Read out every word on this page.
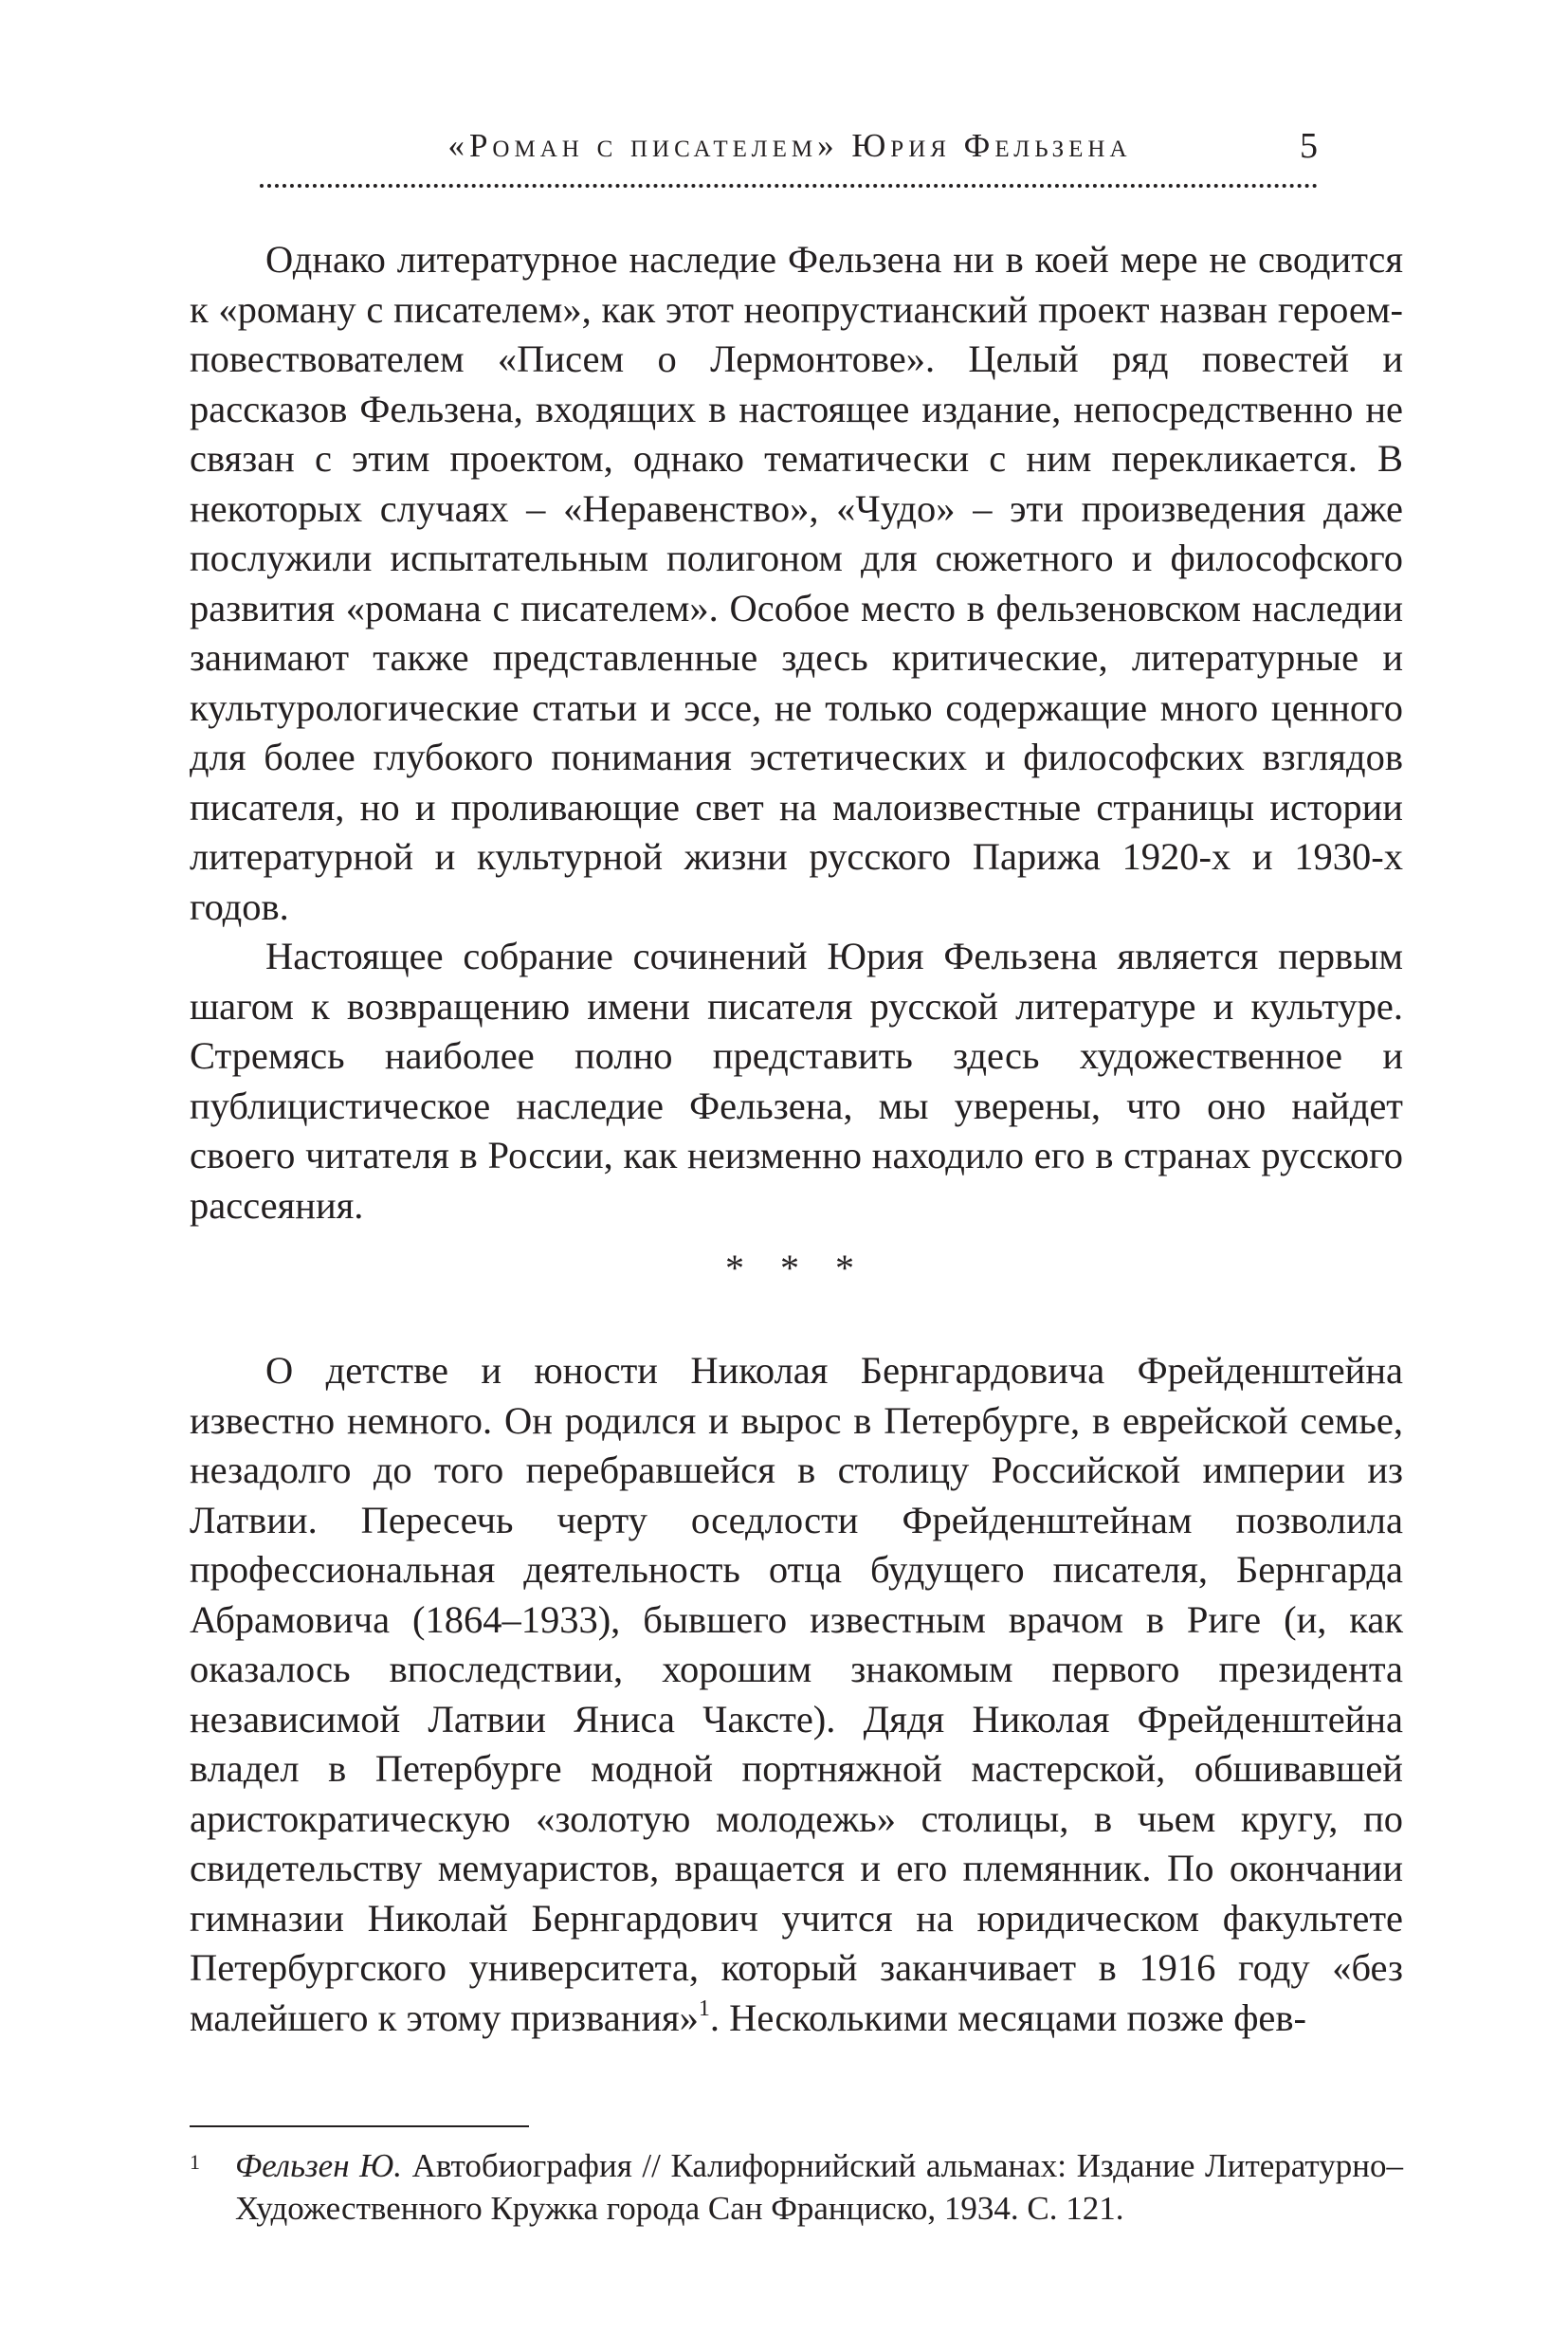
«Роман с писателем» Юрия Фельзена	5

Однако литературное наследие Фельзена ни в коей мере не сводится к «роману с писателем», как этот неопрустианский проект назван героем-повествователем «Писем о Лермонтове». Целый ряд повестей и рассказов Фельзена, входящих в настоящее издание, непосредственно не связан с этим проектом, однако тематически с ним перекликается. В некоторых случаях – «Неравенство», «Чудо» – эти произведения даже послужили испытательным полигоном для сюжетного и философского развития «романа с писателем». Особое место в фельзеновском наследии занимают также представленные здесь критические, литературные и культурологические статьи и эссе, не только содержащие много ценного для более глубокого понимания эстетических и философских взглядов писателя, но и проливающие свет на малоизвестные страницы истории литературной и культурной жизни русского Парижа 1920-х и 1930-х годов.

Настоящее собрание сочинений Юрия Фельзена является первым шагом к возвращению имени писателя русской литературе и культуре. Стремясь наиболее полно представить здесь художественное и публицистическое наследие Фельзена, мы уверены, что оно найдет своего читателя в России, как неизменно находило его в странах русского рассеяния.

* * *

О детстве и юности Николая Бернгардовича Фрейденштейна известно немного. Он родился и вырос в Петербурге, в еврейской семье, незадолго до того перебравшейся в столицу Российской империи из Латвии. Пересечь черту оседлости Фрейденштейнам позволила профессиональная деятельность отца будущего писателя, Бернгарда Абрамовича (1864–1933), бывшего известным врачом в Риге (и, как оказалось впоследствии, хорошим знакомым первого президента независимой Латвии Яниса Чаксте). Дядя Николая Фрейденштейна владел в Петербурге модной портняжной мастерской, обшивавшей аристократическую «золотую молодежь» столицы, в чьем кругу, по свидетельству мемуаристов, вращается и его племянник. По окончании гимназии Николай Бернгардович учится на юридическом факультете Петербургского университета, который заканчивает в 1916 году «без малейшего к этому призвания»$^1$. Несколькими месяцами позже фев-

1 Фельзен Ю. Автобиография // Калифорнийский альманах: Издание Литературно–Художественного Кружка города Сан Франциско, 1934. С. 121.
